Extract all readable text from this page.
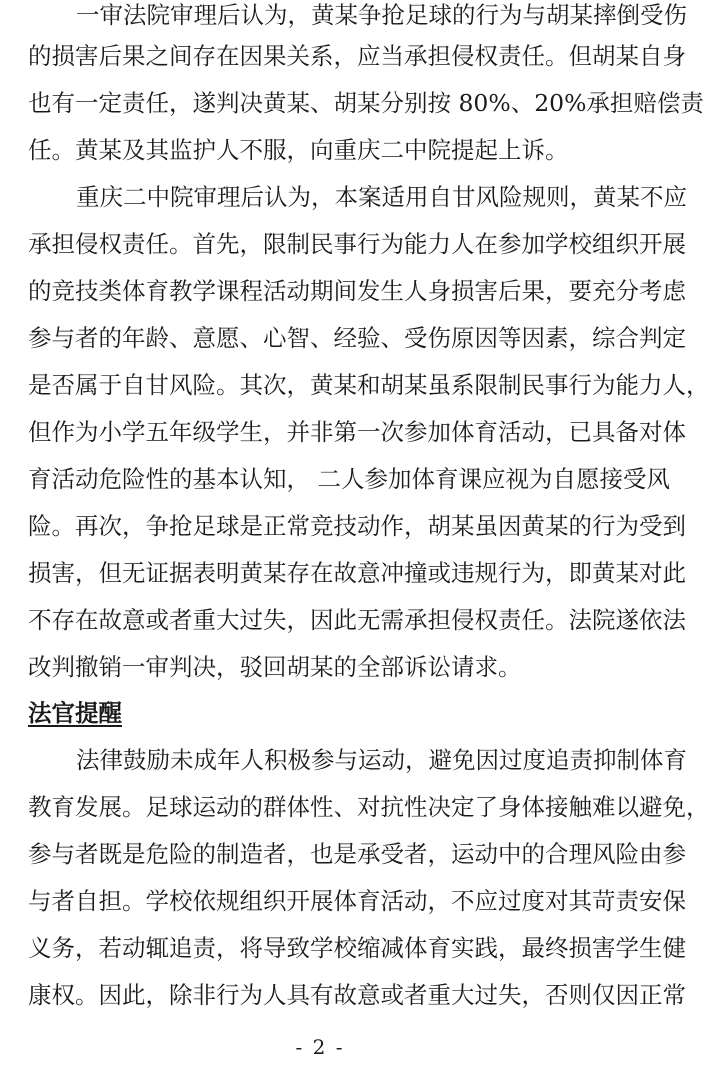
一审法院审理后认为，黄某争抢足球的行为与胡某摔倒受伤
的损害后果之间存在因果关系，应当承担侵权责任。但胡某自身
也有一定责任，遂判决黄某、胡某分别按 80%、20%承担赔偿责
任。黄某及其监护人不服，向重庆二中院提起上诉。
重庆二中院审理后认为，本案适用自甘风险规则，黄某不应
承担侵权责任。首先，限制民事行为能力人在参加学校组织开展
的竞技类体育教学课程活动期间发生人身损害后果，要充分考虑
参与者的年龄、意愿、心智、经验、受伤原因等因素，综合判定
是否属于自甘风险。其次，黄某和胡某虽系限制民事行为能力人，
但作为小学五年级学生，并非第一次参加体育活动，已具备对体
育活动危险性的基本认知， 二人参加体育课应视为自愿接受风
险。再次，争抢足球是正常竞技动作，胡某虽因黄某的行为受到
损害，但无证据表明黄某存在故意冲撞或违规行为，即黄某对此
不存在故意或者重大过失，因此无需承担侵权责任。法院遂依法
改判撤销一审判决，驳回胡某的全部诉讼请求。
法官提醒
法律鼓励未成年人积极参与运动，避免因过度追责抑制体育
教育发展。足球运动的群体性、对抗性决定了身体接触难以避免，
参与者既是危险的制造者，也是承受者，运动中的合理风险由参
与者自担。学校依规组织开展体育活动，不应过度对其苛责安保
义务，若动辄追责，将导致学校缩减体育实践，最终损害学生健
康权。因此，除非行为人具有故意或者重大过失，否则仅因正常
- 2 -
